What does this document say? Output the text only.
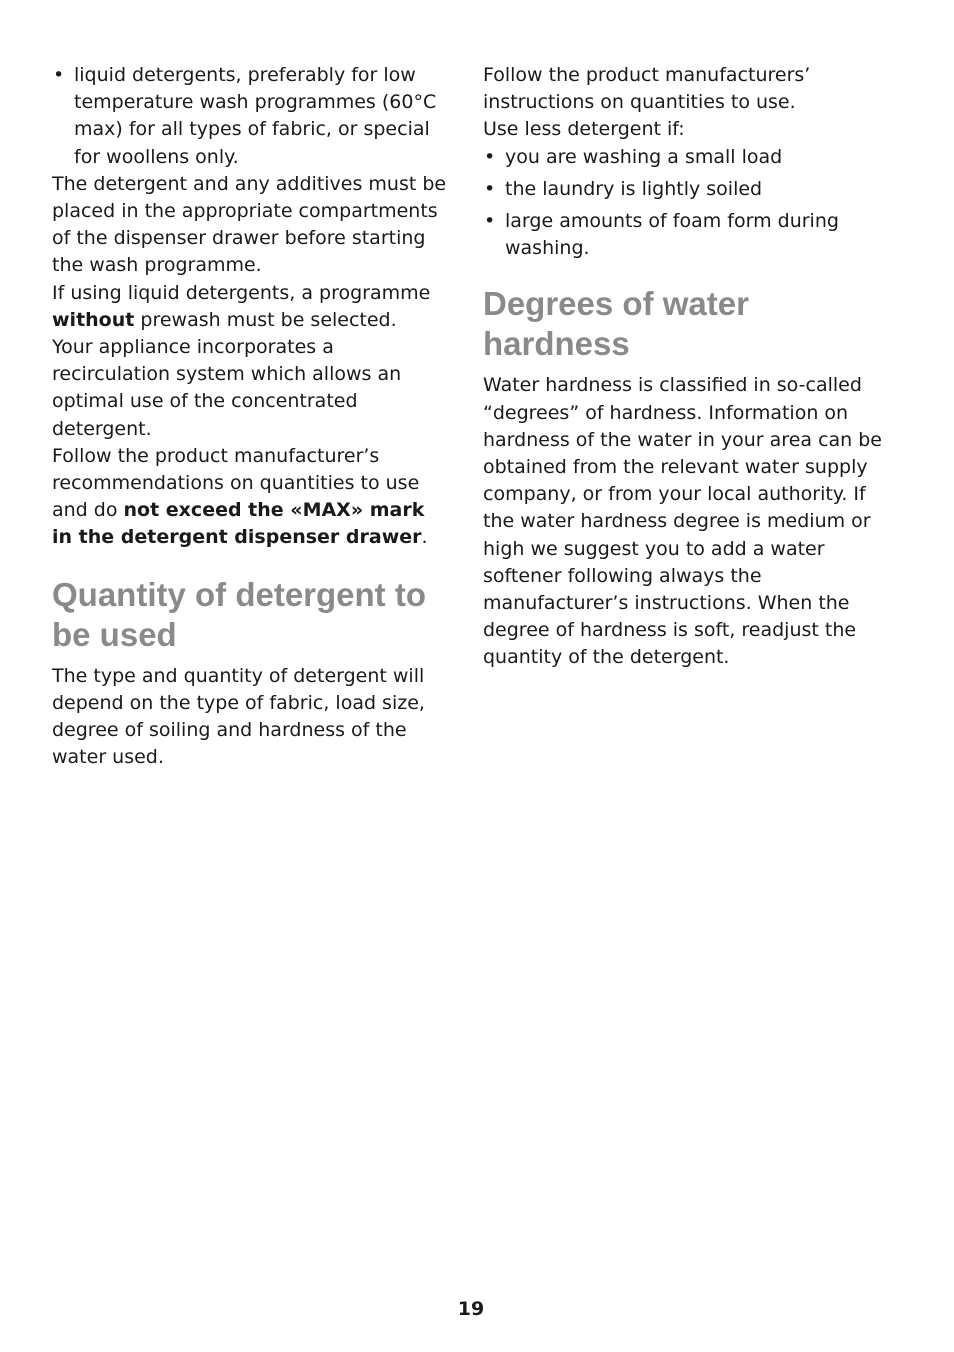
• liquid detergents, preferably for low temperature wash programmes (60°C max) for all types of fabric, or special for woollens only.

The detergent and any additives must be placed in the appropriate compartments of the dispenser drawer before starting the wash programme.

If using liquid detergents, a programme without prewash must be selected.

Your appliance incorporates a recirculation system which allows an optimal use of the concentrated detergent.

Follow the product manufacturer’s recommendations on quantities to use and do not exceed the «MAX» mark in the detergent dispenser drawer.

Quantity of detergent to be used

The type and quantity of detergent will depend on the type of fabric, load size, degree of soiling and hardness of the water used.

Follow the product manufacturers’ instructions on quantities to use.

Use less detergent if:

• you are washing a small load
• the laundry is lightly soiled
• large amounts of foam form during washing.
Degrees of water hardness

Water hardness is classified in so-called “degrees” of hardness. Information on hardness of the water in your area can be obtained from the relevant water supply company, or from your local authority. If the water hardness degree is medium or high we suggest you to add a water softener following always the manufacturer’s instructions. When the degree of hardness is soft, readjust the quantity of the detergent.

19
